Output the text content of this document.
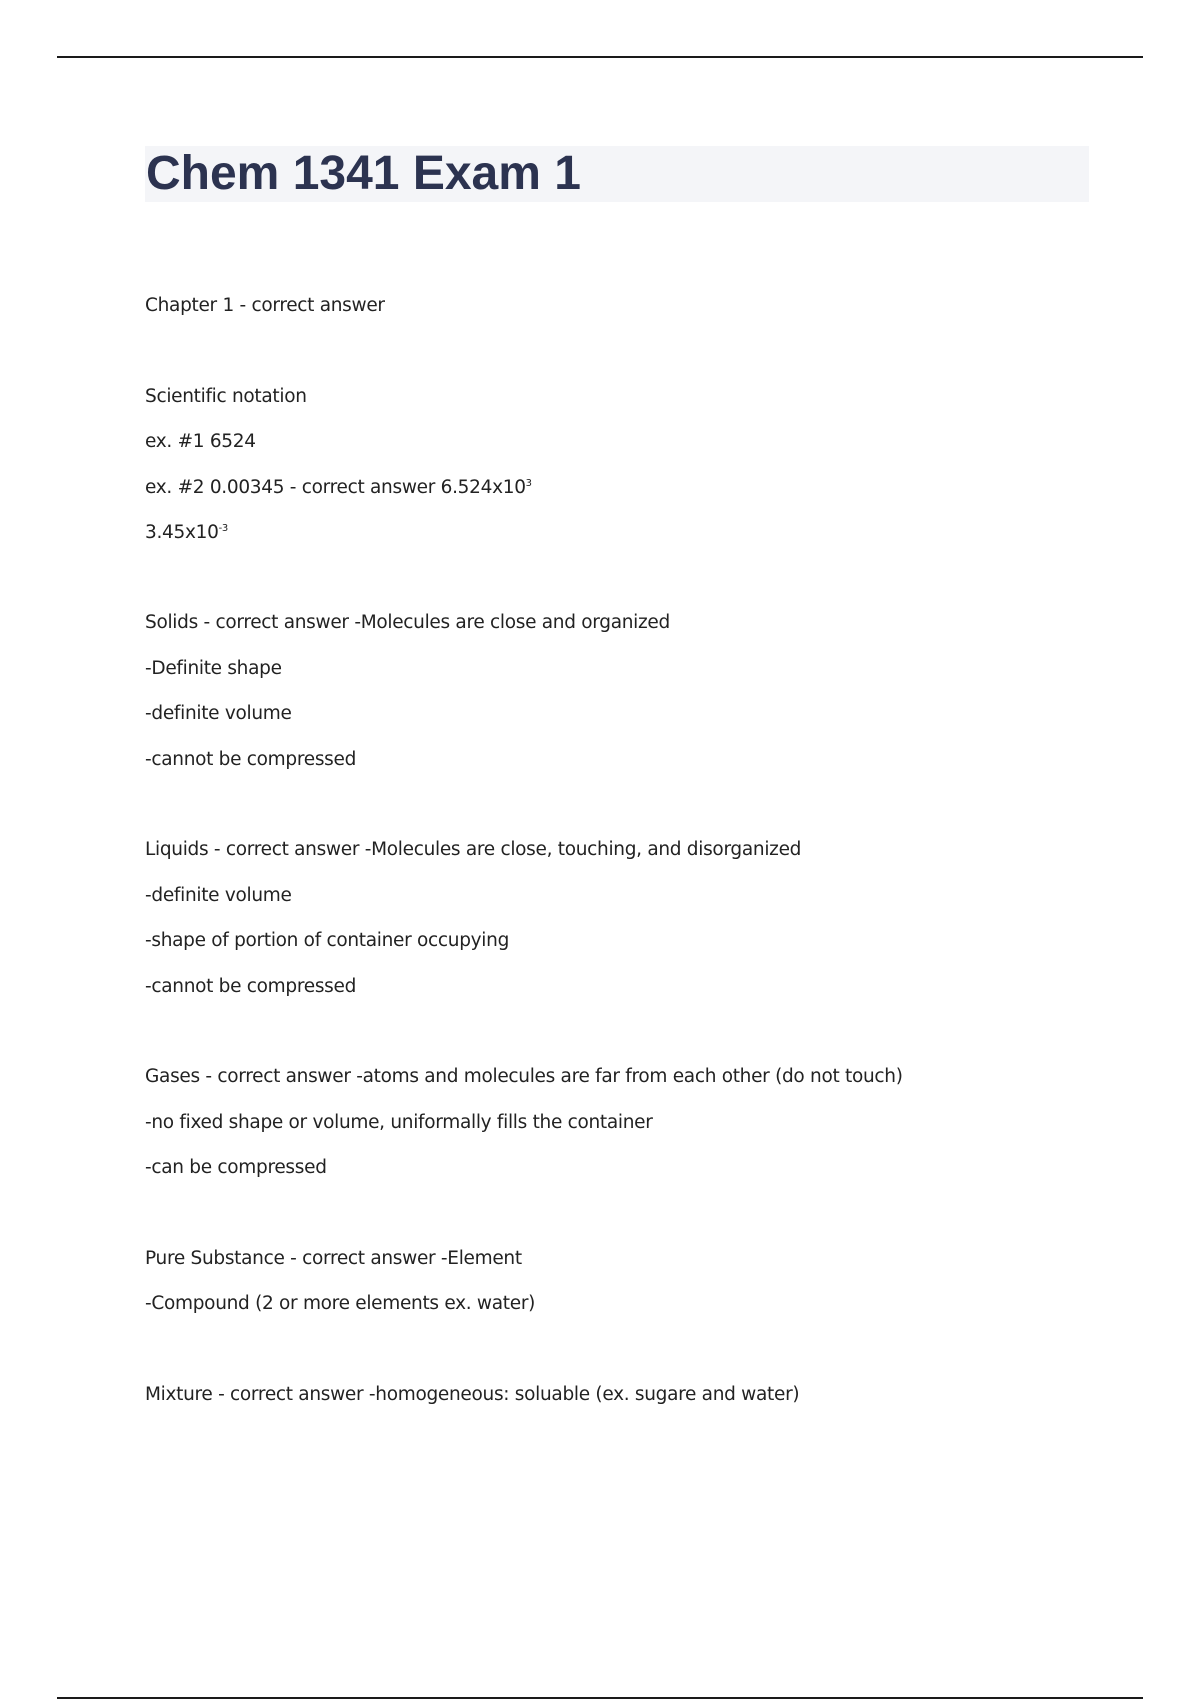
Chem 1341 Exam 1

Chapter 1 - correct answer

Scientific notation

ex. #1 6524

ex. #2 0.00345 - correct answer $6.524x10^3$

$3.45x10^{-3}$

Solids - correct answer -Molecules are close and organized

-Definite shape

-definite volume

-cannot be compressed

Liquids - correct answer -Molecules are close, touching, and disorganized

-definite volume

-shape of portion of container occupying

-cannot be compressed

Gases - correct answer -atoms and molecules are far from each other (do not touch)

-no fixed shape or volume, uniformally fills the container

-can be compressed

Pure Substance - correct answer -Element

-Compound (2 or more elements ex. water)

Mixture - correct answer -homogeneous: soluable (ex. sugare and water)
